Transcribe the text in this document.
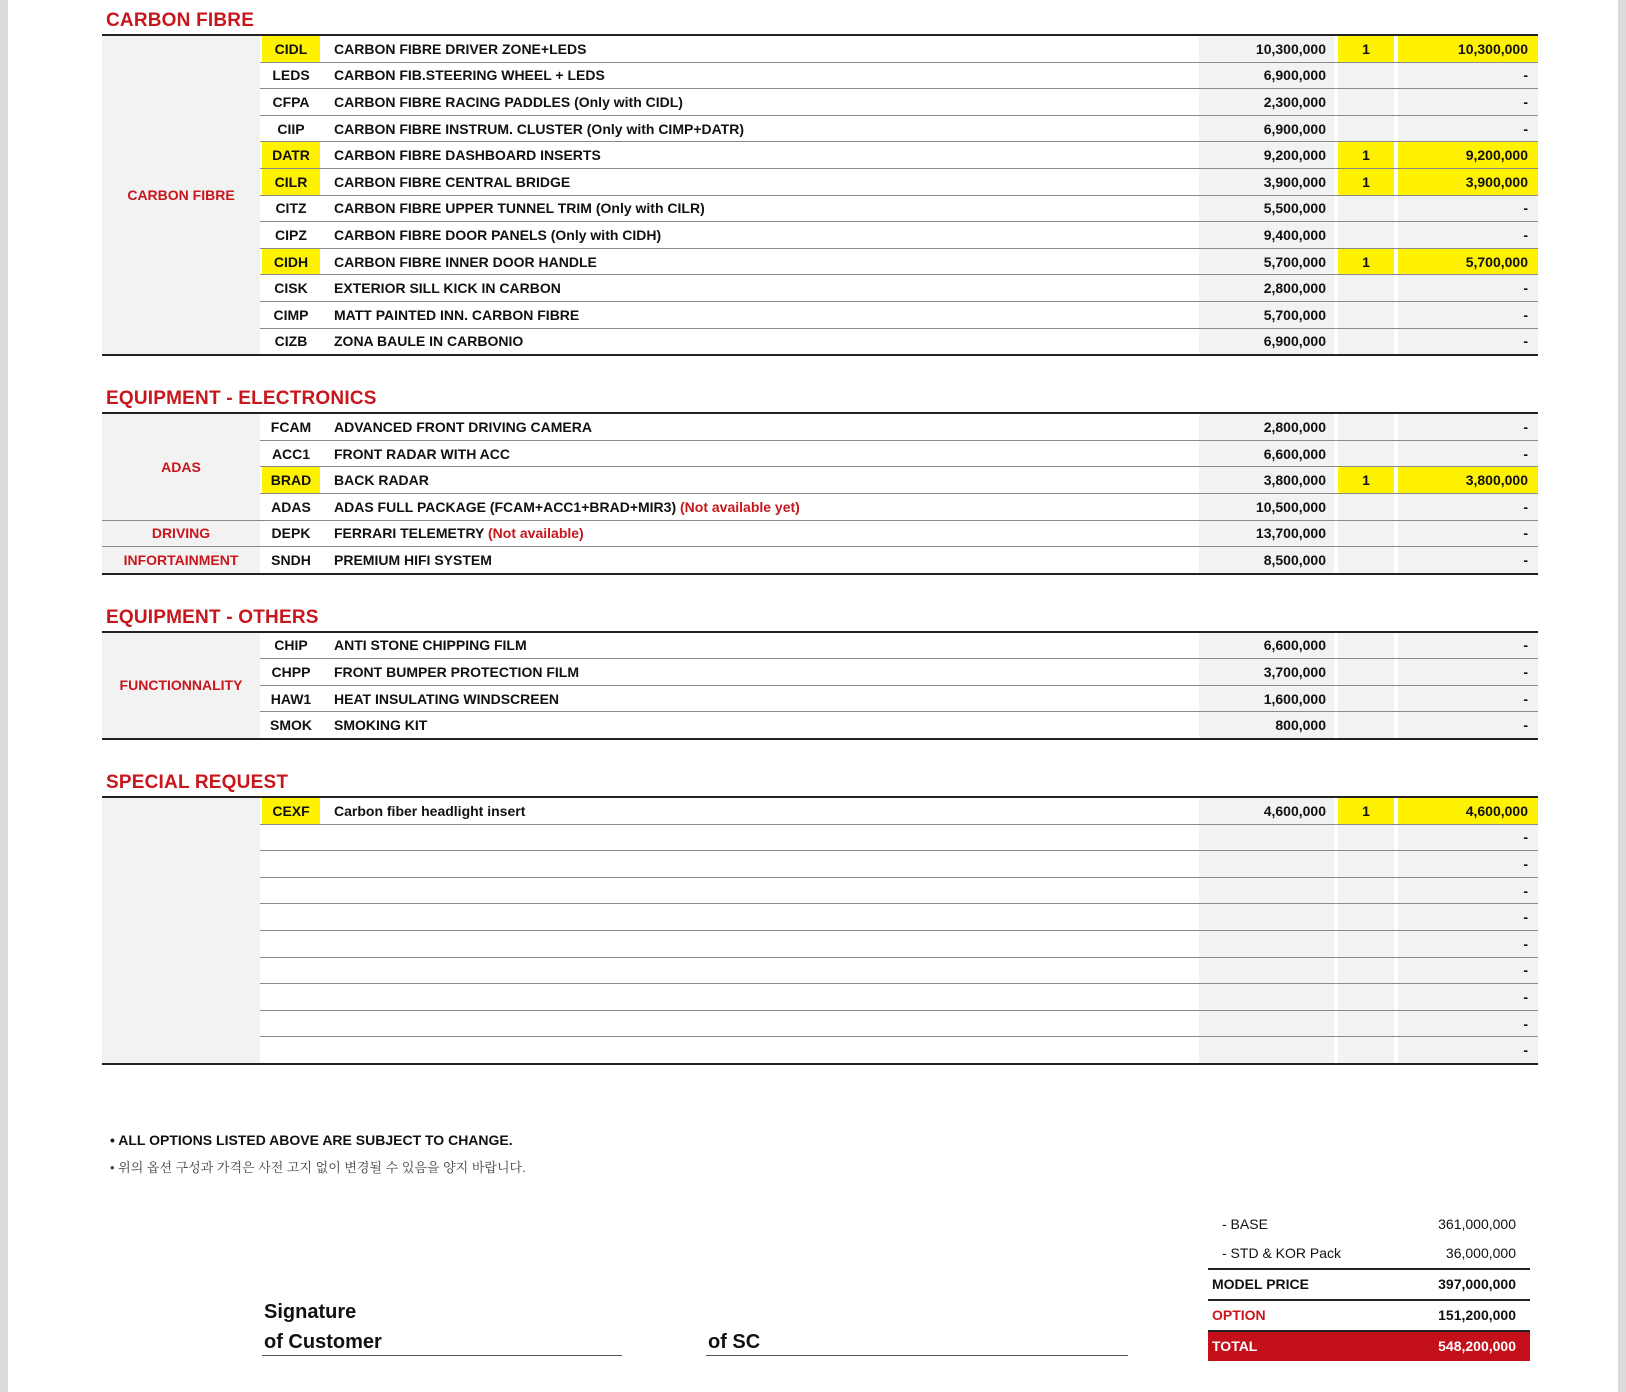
CARBON FIBRE
CARBON FIBRE		CIDL		CARBON FIBRE DRIVER ZONE+LEDS	10,300,000		1		10,300,000
		LEDS		CARBON FIB.STEERING WHEEL + LEDS	6,900,000				-
		CFPA		CARBON FIBRE RACING PADDLES (Only with CIDL)	2,300,000				-
		CIIP		CARBON FIBRE INSTRUM. CLUSTER (Only with CIMP+DATR)	6,900,000				-
		DATR		CARBON FIBRE DASHBOARD INSERTS	9,200,000		1		9,200,000
		CILR		CARBON FIBRE CENTRAL BRIDGE	3,900,000		1		3,900,000
		CITZ		CARBON FIBRE UPPER TUNNEL TRIM (Only with CILR)	5,500,000				-
		CIPZ		CARBON FIBRE DOOR PANELS (Only with CIDH)	9,400,000				-
		CIDH		CARBON FIBRE INNER DOOR HANDLE	5,700,000		1		5,700,000
		CISK		EXTERIOR SILL KICK IN CARBON	2,800,000				-
		CIMP		MATT PAINTED INN. CARBON FIBRE	5,700,000				-
		CIZB		ZONA BAULE IN CARBONIO	6,900,000				-
EQUIPMENT - ELECTRONICS
ADAS		FCAM		ADVANCED FRONT DRIVING CAMERA	2,800,000				-
		ACC1		FRONT RADAR WITH ACC	6,600,000				-
		BRAD		BACK RADAR	3,800,000		1		3,800,000
		ADAS		ADAS FULL PACKAGE (FCAM+ACC1+BRAD+MIR3) (Not available yet)	10,500,000				-
DRIVING		DEPK		FERRARI TELEMETRY (Not available)	13,700,000				-
INFORTAINMENT		SNDH		PREMIUM HIFI SYSTEM	8,500,000				-
EQUIPMENT - OTHERS
FUNCTIONNALITY		CHIP		ANTI STONE CHIPPING FILM	6,600,000				-
		CHPP		FRONT BUMPER PROTECTION FILM	3,700,000				-
		HAW1		HEAT INSULATING WINDSCREEN	1,600,000				-
		SMOK		SMOKING KIT	800,000				-
SPECIAL REQUEST
		CEXF		Carbon fiber headlight insert	4,600,000		1		4,600,000
									-
									-
									-
									-
									-
									-
									-
									-
									-
• ALL OPTIONS LISTED ABOVE ARE SUBJECT TO CHANGE.
• 위의 옵션 구성과 가격은 사전 고지 없이 변경될 수 있음을 양지 바랍니다.
Signature
of Customer	of SC
- BASE	361,000,000
- STD & KOR Pack	36,000,000
MODEL PRICE	397,000,000
OPTION	151,200,000
TOTAL	548,200,000
